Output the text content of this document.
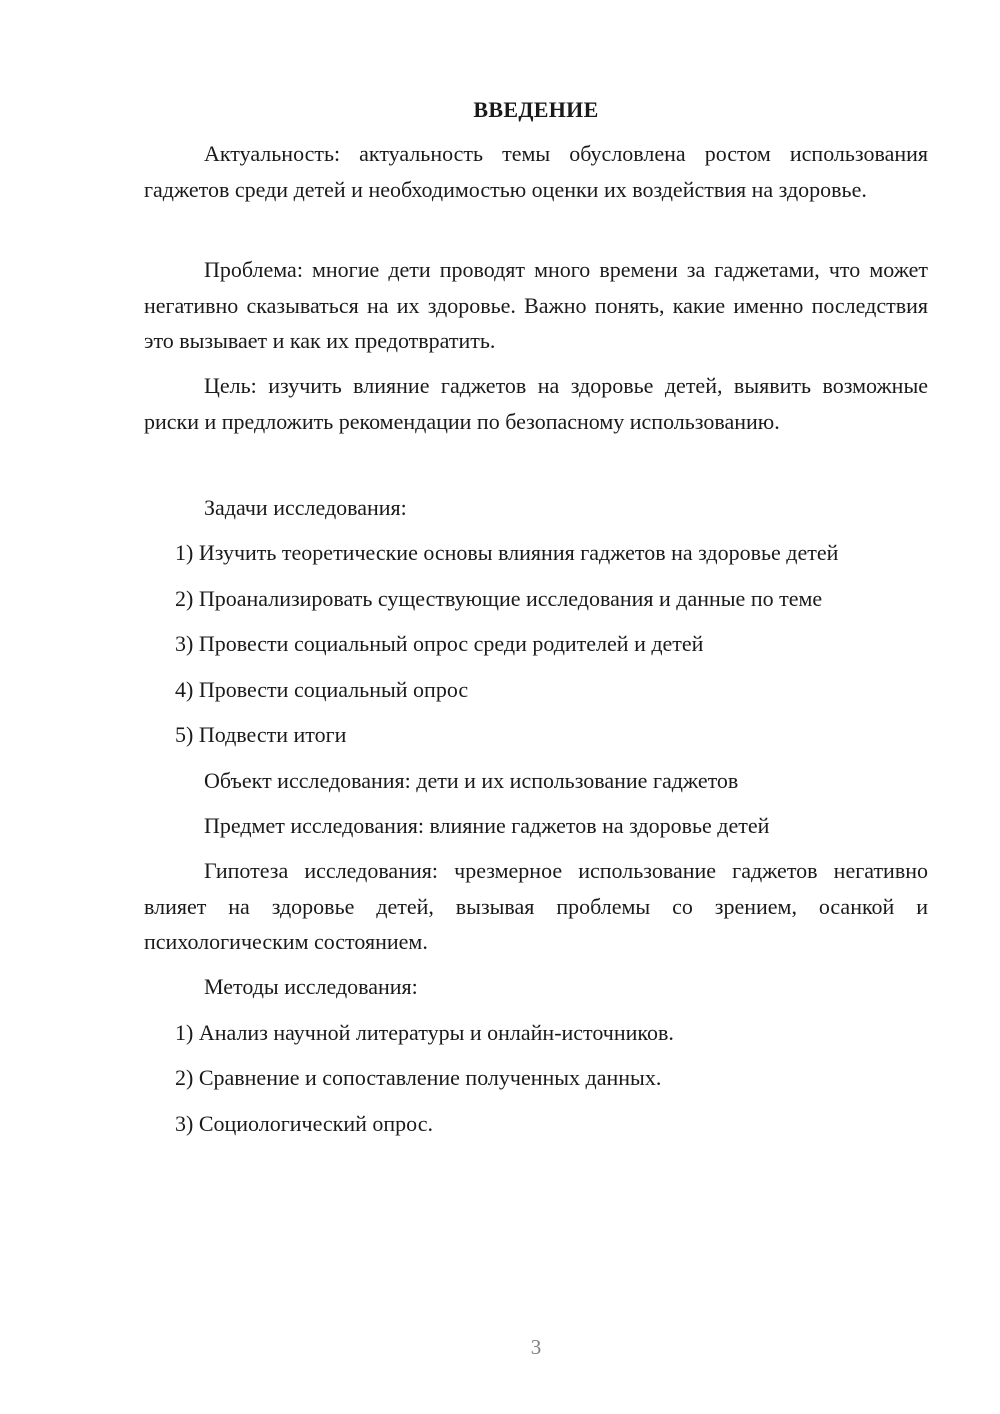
ВВЕДЕНИЕ

Актуальность: актуальность темы обусловлена ростом использования гаджетов среди детей и необходимостью оценки их воздействия на здоровье.

Проблема: многие дети проводят много времени за гаджетами, что может негативно сказываться на их здоровье. Важно понять, какие именно последствия это вызывает и как их предотвратить.

Цель: изучить влияние гаджетов на здоровье детей, выявить возможные риски и предложить рекомендации по безопасному использованию.

Задачи исследования:
1) Изучить теоретические основы влияния гаджетов на здоровье детей
2) Проанализировать существующие исследования и данные по теме
3) Провести социальный опрос среди родителей и детей
4) Провести социальный опрос
5) Подвести итоги
Объект исследования: дети и их использование гаджетов
Предмет исследования: влияние гаджетов на здоровье детей

Гипотеза исследования: чрезмерное использование гаджетов негативно влияет на здоровье детей, вызывая проблемы со зрением, осанкой и психологическим состоянием.

Методы исследования:
1) Анализ научной литературы и онлайн-источников.
2) Сравнение и сопоставление полученных данных.
3) Социологический опрос.
3
